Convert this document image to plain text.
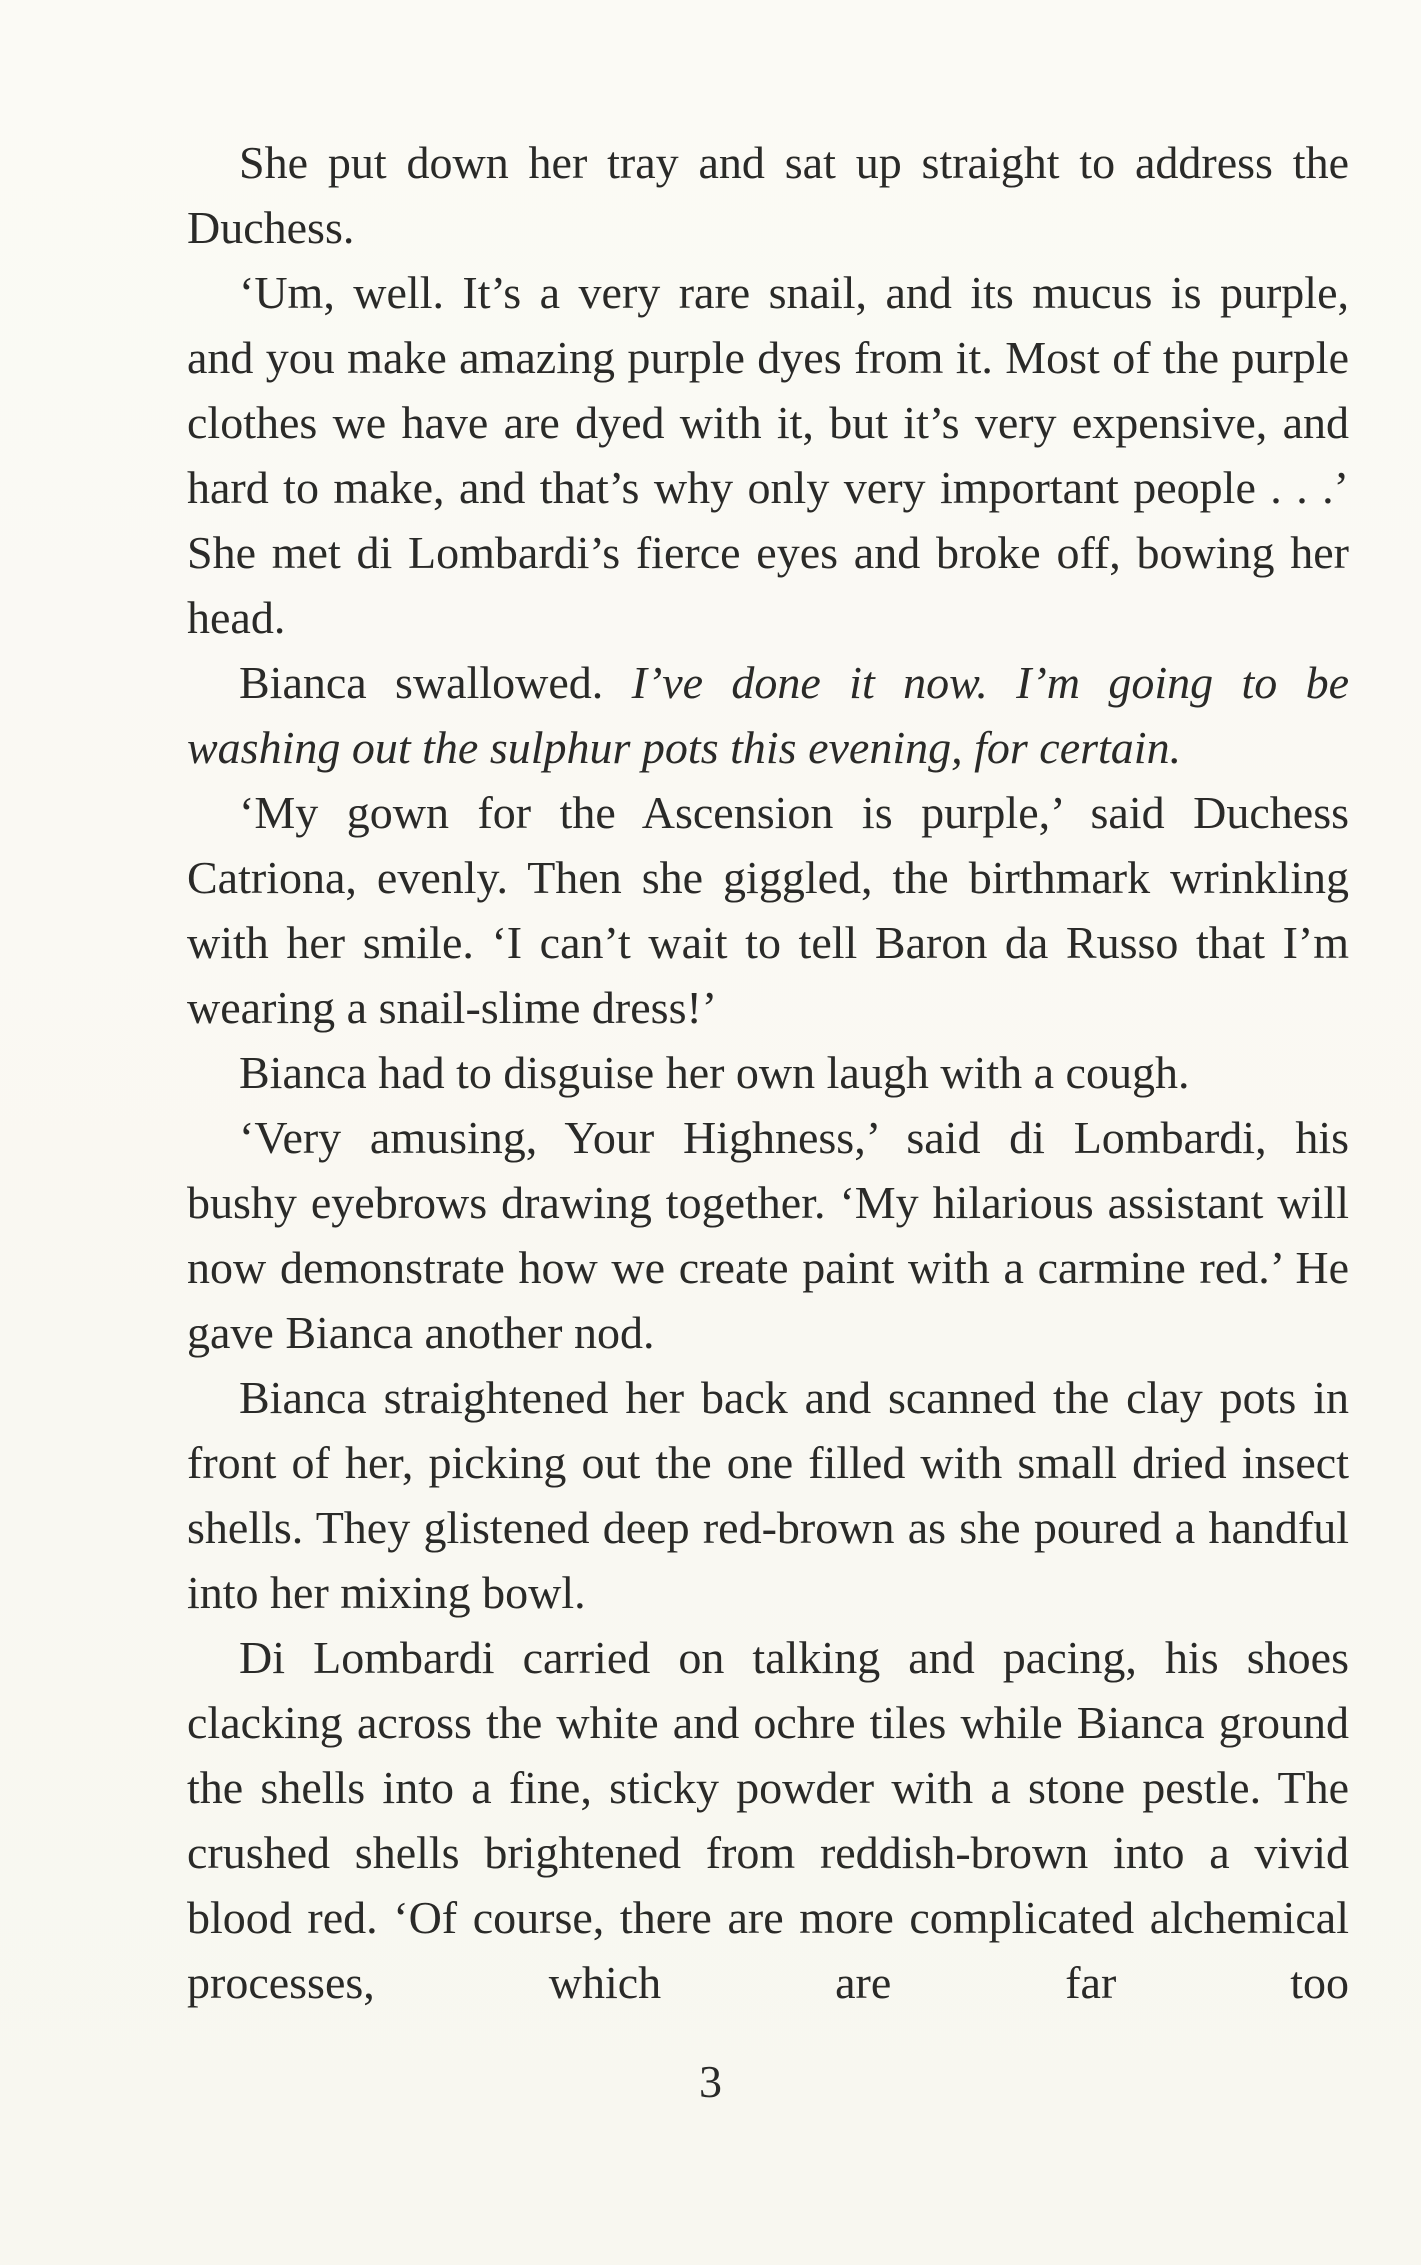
She put down her tray and sat up straight to address the Duchess.

‘Um, well. It’s a very rare snail, and its mucus is purple, and you make amazing purple dyes from it. Most of the purple clothes we have are dyed with it, but it’s very expensive, and hard to make, and that’s why only very important people . . .’ She met di Lombardi’s fierce eyes and broke off, bowing her head.

Bianca swallowed. I’ve done it now. I’m going to be washing out the sulphur pots this evening, for certain.

‘My gown for the Ascension is purple,’ said Duchess Catriona, evenly. Then she giggled, the birthmark wrinkling with her smile. ‘I can’t wait to tell Baron da Russo that I’m wearing a snail-slime dress!’

Bianca had to disguise her own laugh with a cough.

‘Very amusing, Your Highness,’ said di Lombardi, his bushy eyebrows drawing together. ‘My hilarious assistant will now demonstrate how we create paint with a carmine red.’ He gave Bianca another nod.

Bianca straightened her back and scanned the clay pots in front of her, picking out the one filled with small dried insect shells. They glistened deep red-brown as she poured a handful into her mixing bowl.

Di Lombardi carried on talking and pacing, his shoes clacking across the white and ochre tiles while Bianca ground the shells into a fine, sticky powder with a stone pestle. The crushed shells brightened from reddish-brown into a vivid blood red. ‘Of course, there are more complicated alchemical processes, which are far too

3
